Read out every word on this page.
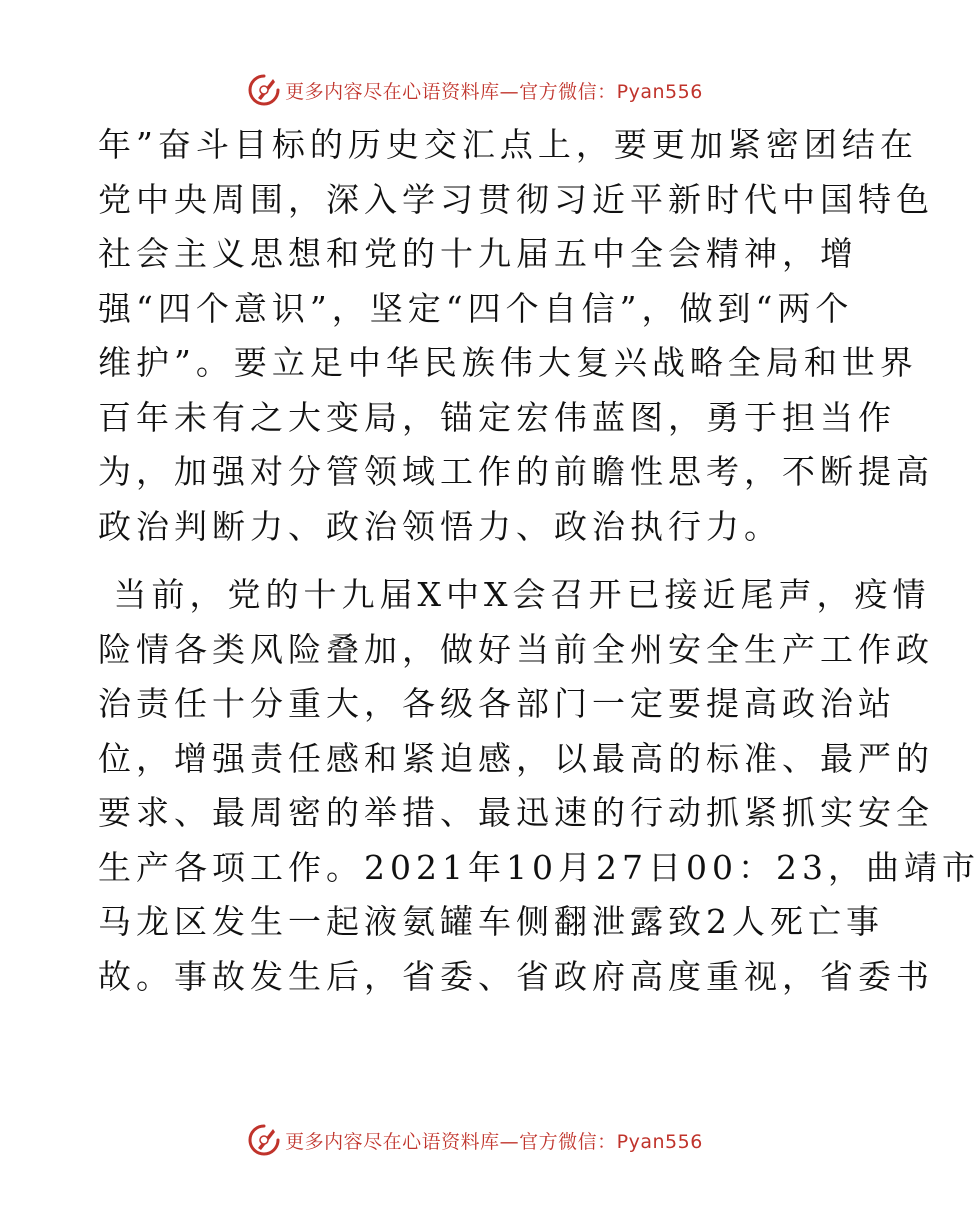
更多内容尽在心语资料库—官方微信：Pyan556
年”奋斗目标的历史交汇点上，要更加紧密团结在
党中央周围，深入学习贯彻习近平新时代中国特色
社会主义思想和党的十九届五中全会精神，增
强“四个意识”，坚定“四个自信”，做到“两个
维护”。要立足中华民族伟大复兴战略全局和世界
百年未有之大变局，锚定宏伟蓝图，勇于担当作
为，加强对分管领域工作的前瞻性思考，不断提高
政治判断力、政治领悟力、政治执行力。
当前，党的十九届X中X会召开已接近尾声，疫情
险情各类风险叠加，做好当前全州安全生产工作政
治责任十分重大，各级各部门一定要提高政治站
位，增强责任感和紧迫感，以最高的标准、最严的
要求、最周密的举措、最迅速的行动抓紧抓实安全
生产各项工作。2021年10月27日00：23，曲靖市
马龙区发生一起液氨罐车侧翻泄露致2人死亡事
故。事故发生后，省委、省政府高度重视，省委书
更多内容尽在心语资料库—官方微信：Pyan556
